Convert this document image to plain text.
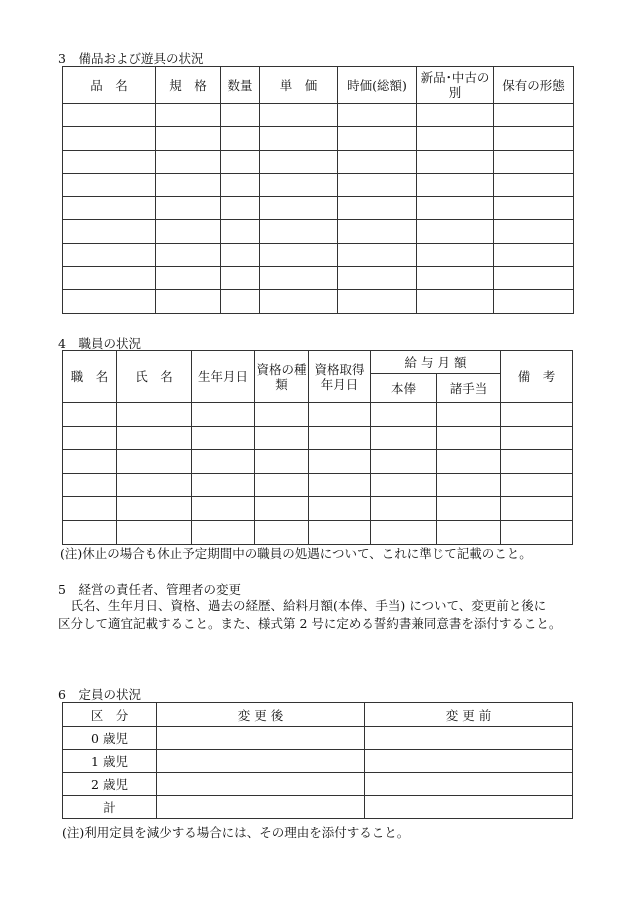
3　備品および遊具の状況
品　名	規　格	数量	単　価	時価(総額)	新品･中古の別	保有の形態

4　職員の状況
職　名	氏　名	生年月日	資格の種類	資格取得年月日	給 与 月 額		備　考
					本俸	諸手当	

(注)休止の場合も休止予定期間中の職員の処遇について、これに準じて記載のこと。
5　経営の責任者、管理者の変更
　氏名、生年月日、資格、過去の経歴、給料月額(本俸、手当) について、変更前と後に
区分して適宜記載すること。また、様式第 2 号に定める誓約書兼同意書を添付すること。
6　定員の状況
区　分	変 更 後	変 更 前
0 歳児		
1 歳児		
2 歳児		
計		
(注)利用定員を減少する場合には、その理由を添付すること。
